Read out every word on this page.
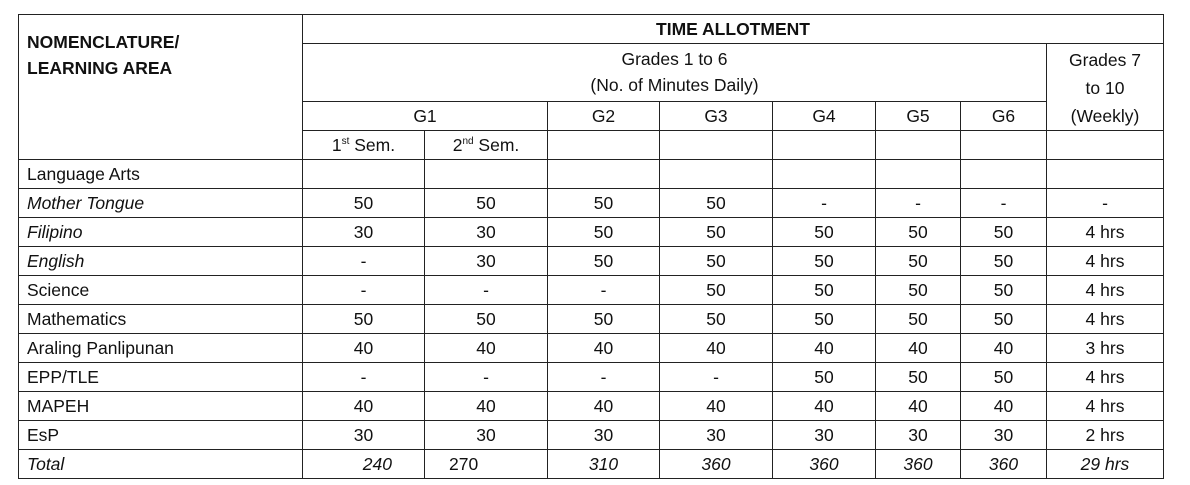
NOMENCLATURE/
LEARNING AREA	TIME ALLOTMENT							
	Grades 1 to 6
(No. of Minutes Daily)							Grades 7
to 10
(Weekly)
	G1		G2	G3	G4	G5	G6	
	1st Sem.	2nd Sem.						
Language Arts								
Mother Tongue	50	50	50	50	-	-	-	-
Filipino	30	30	50	50	50	50	50	4 hrs
English	-	30	50	50	50	50	50	4 hrs
Science	-	-	-	50	50	50	50	4 hrs
Mathematics	50	50	50	50	50	50	50	4 hrs
Araling Panlipunan	40	40	40	40	40	40	40	3 hrs
EPP/TLE	-	-	-	-	50	50	50	4 hrs
MAPEH	40	40	40	40	40	40	40	4 hrs
EsP	30	30	30	30	30	30	30	2 hrs
Total	240	270	310	360	360	360	360	29 hrs
